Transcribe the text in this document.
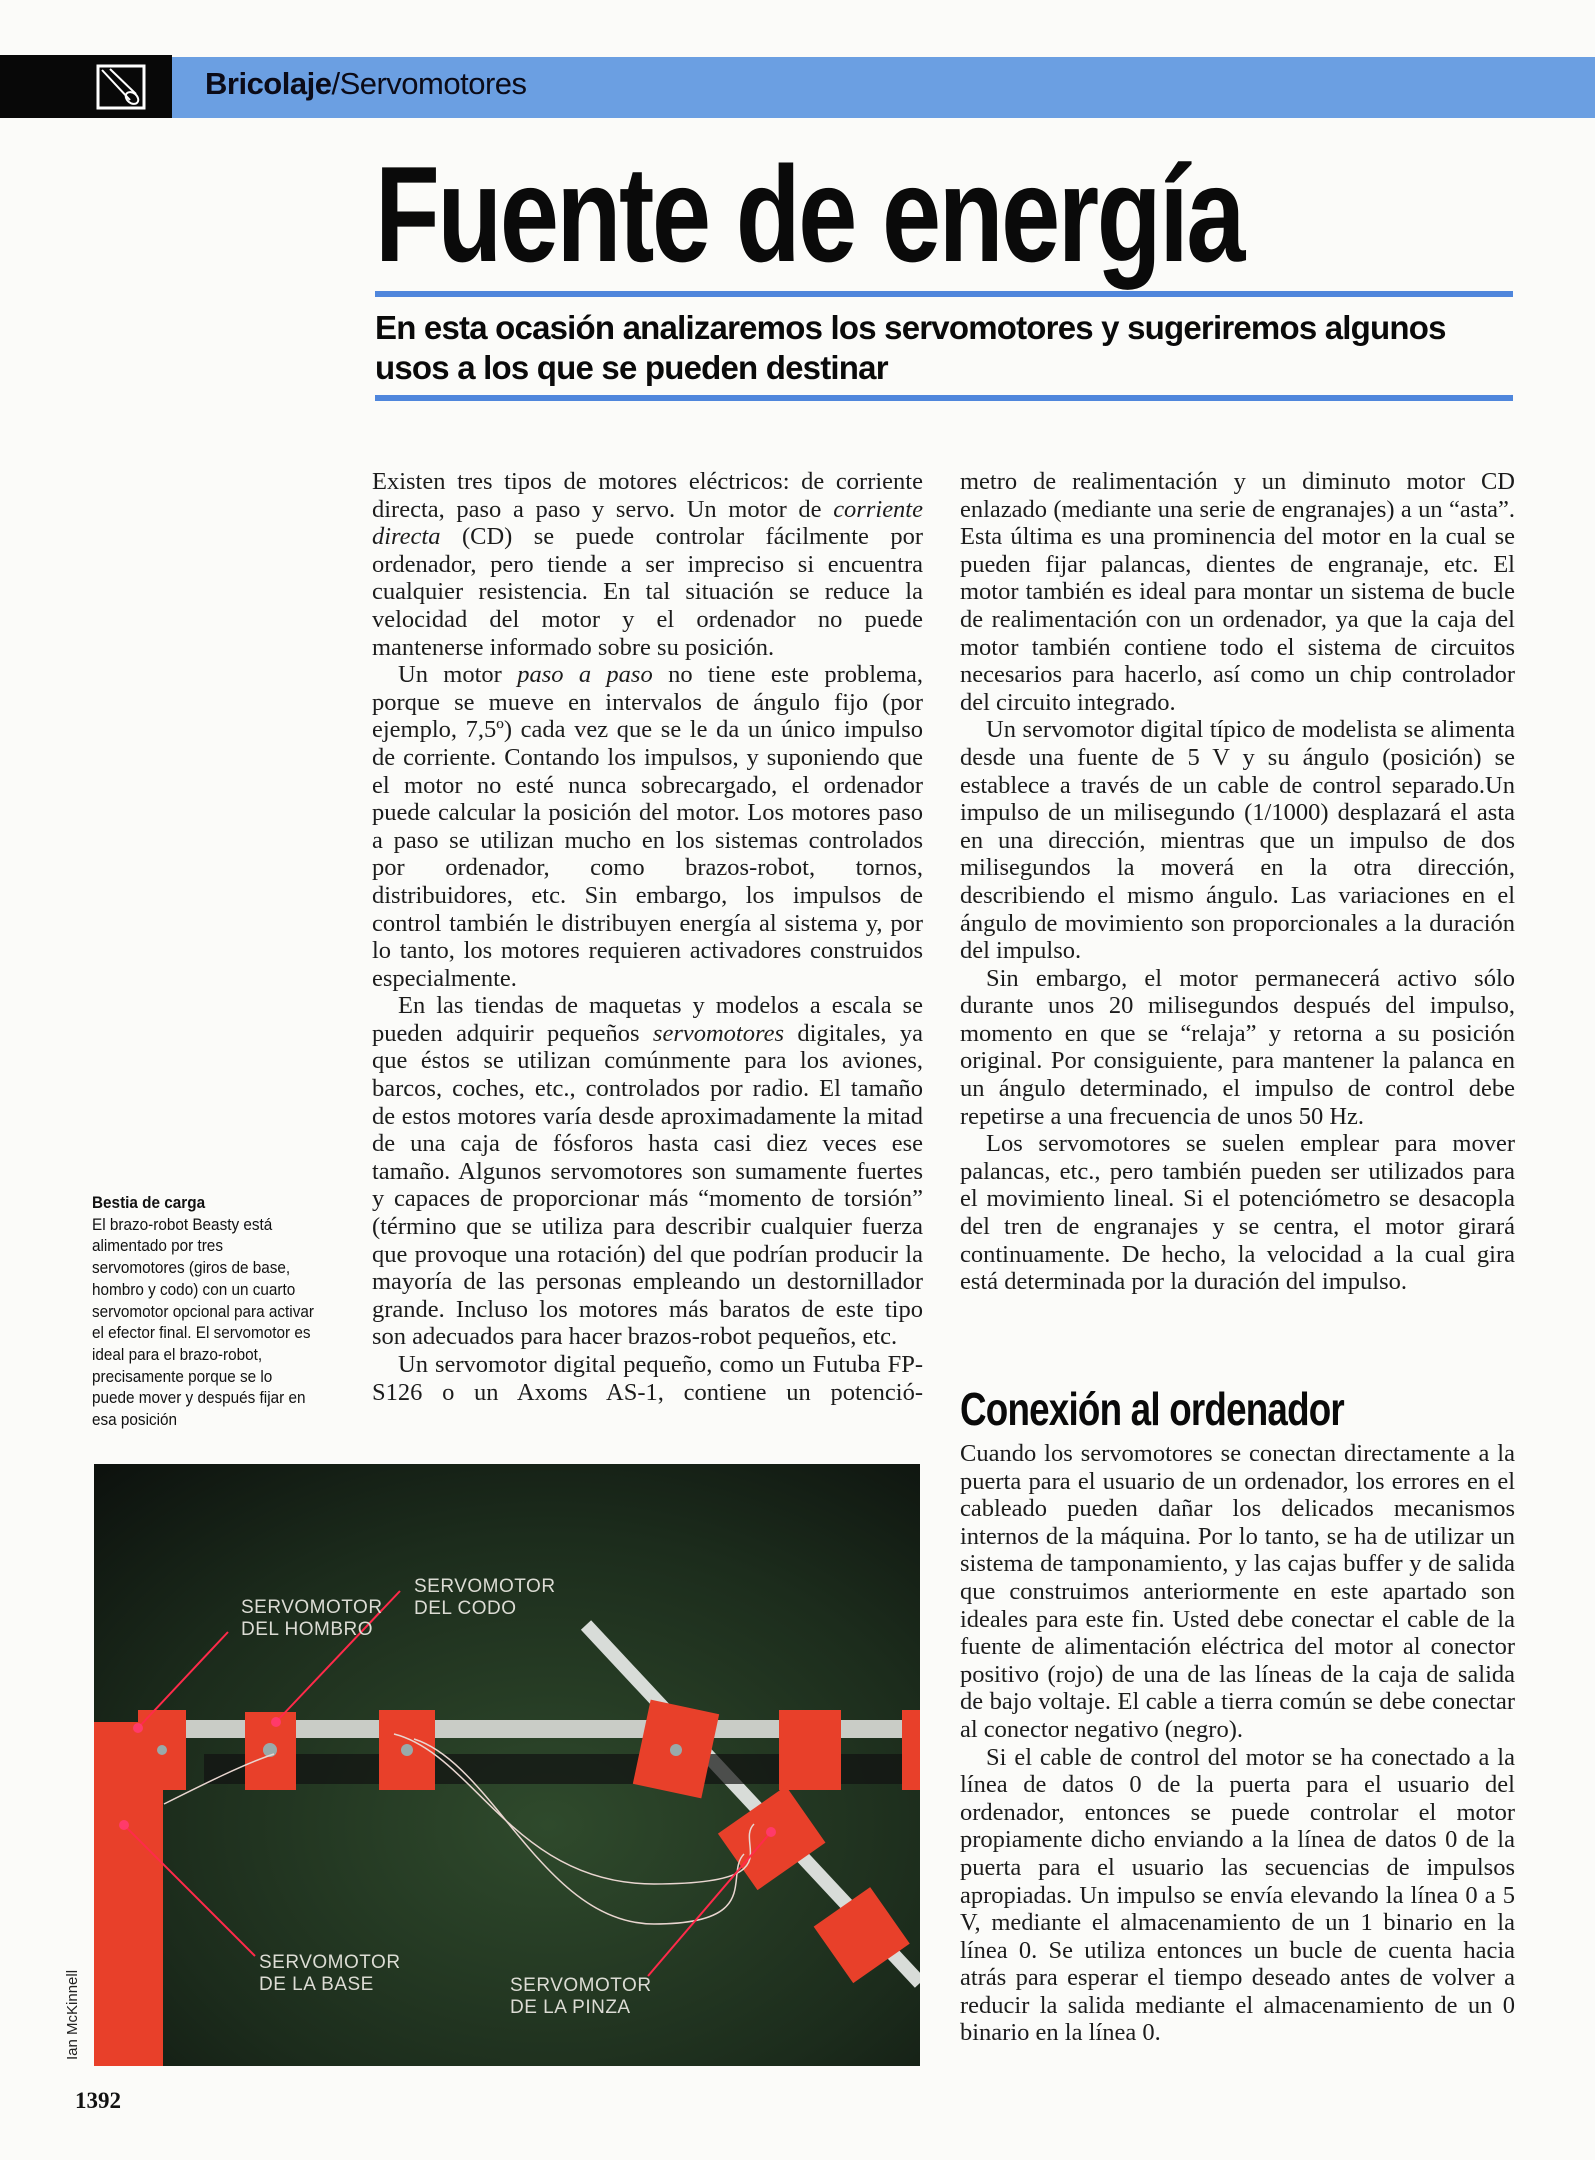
Bricolaje/Servomotores
Fuente de energía
En esta ocasión analizaremos los servomotores y sugeriremos algunos usos a los que se pueden destinar

Existen tres tipos de motores eléctricos: de corriente directa, paso a paso y servo. Un motor de corriente directa (CD) se puede controlar fácilmente por ordenador, pero tiende a ser impreciso si encuentra cualquier resistencia. En tal situación se reduce la velocidad del motor y el ordenador no puede mantenerse informado sobre su posición.

Un motor paso a paso no tiene este problema, porque se mueve en intervalos de ángulo fijo (por ejemplo, 7,5º) cada vez que se le da un único impulso de corriente. Contando los impulsos, y suponiendo que el motor no esté nunca sobrecargado, el ordenador puede calcular la posición del motor. Los motores paso a paso se utilizan mucho en los sistemas controlados por ordenador, como brazos-robot, tornos, distribuidores, etc. Sin embargo, los impulsos de control también le distribuyen energía al sistema y, por lo tanto, los motores requieren activadores construidos especialmente.

En las tiendas de maquetas y modelos a escala se pueden adquirir pequeños servomotores digitales, ya que éstos se utilizan comúnmente para los aviones, barcos, coches, etc., controlados por radio. El tamaño de estos motores varía desde aproximadamente la mitad de una caja de fósforos hasta casi diez veces ese tamaño. Algunos servomotores son sumamente fuertes y capaces de proporcionar más “momento de torsión” (término que se utiliza para describir cualquier fuerza que provoque una rotación) del que podrían producir la mayoría de las personas empleando un destornillador grande. Incluso los motores más baratos de este tipo son adecuados para hacer brazos-robot pequeños, etc.

Un servomotor digital pequeño, como un Futuba FP-S126 o un Axoms AS-1, contiene un potenció-

metro de realimentación y un diminuto motor CD enlazado (mediante una serie de engranajes) a un “asta”. Esta última es una prominencia del motor en la cual se pueden fijar palancas, dientes de engranaje, etc. El motor también es ideal para montar un sistema de bucle de realimentación con un ordenador, ya que la caja del motor también contiene todo el sistema de circuitos necesarios para hacerlo, así como un chip controlador del circuito integrado.

Un servomotor digital típico de modelista se alimenta desde una fuente de 5 V y su ángulo (posición) se establece a través de un cable de control separado.Un impulso de un milisegundo (1/1000) desplazará el asta en una dirección, mientras que un impulso de dos milisegundos la moverá en la otra dirección, describiendo el mismo ángulo. Las variaciones en el ángulo de movimiento son proporcionales a la duración del impulso.

Sin embargo, el motor permanecerá activo sólo durante unos 20 milisegundos después del impulso, momento en que se “relaja” y retorna a su posición original. Por consiguiente, para mantener la palanca en un ángulo determinado, el impulso de control debe repetirse a una frecuencia de unos 50 Hz.

Los servomotores se suelen emplear para mover palancas, etc., pero también pueden ser utilizados para el movimiento lineal. Si el potenciómetro se desacopla del tren de engranajes y se centra, el motor girará continuamente. De hecho, la velocidad a la cual gira está determinada por la duración del impulso.

Conexión al ordenador

Cuando los servomotores se conectan directamente a la puerta para el usuario de un ordenador, los errores en el cableado pueden dañar los delicados mecanismos internos de la máquina. Por lo tanto, se ha de utilizar un sistema de tamponamiento, y las cajas buffer y de salida que construimos anteriormente en este apartado son ideales para este fin. Usted debe conectar el cable de la fuente de alimentación eléctrica del motor al conector positivo (rojo) de una de las líneas de la caja de salida de bajo voltaje. El cable a tierra común se debe conectar al conector negativo (negro).

Si el cable de control del motor se ha conectado a la línea de datos 0 de la puerta para el usuario del ordenador, entonces se puede controlar el motor propiamente dicho enviando a la línea de datos 0 de la puerta para el usuario las secuencias de impulsos apropiadas. Un impulso se envía elevando la línea 0 a 5 V, mediante el almacenamiento de un 1 binario en la línea 0. Se utiliza entonces un bucle de cuenta hacia atrás para esperar el tiempo deseado antes de volver a reducir la salida mediante el almacenamiento de un 0 binario en la línea 0.

Bestia de carga
El brazo-robot Beasty está alimentado por tres servomotores (giros de base, hombro y codo) con un cuarto servomotor opcional para activar el efector final. El servomotor es ideal para el brazo-robot, precisamente porque se lo puede mover y después fijar en esa posición
SERVOMOTOR
DEL HOMBRO
SERVOMOTOR
DEL CODO
SERVOMOTOR
DE LA BASE	SERVOMOTOR
DE LA PINZA
Ian McKinnell
1392
